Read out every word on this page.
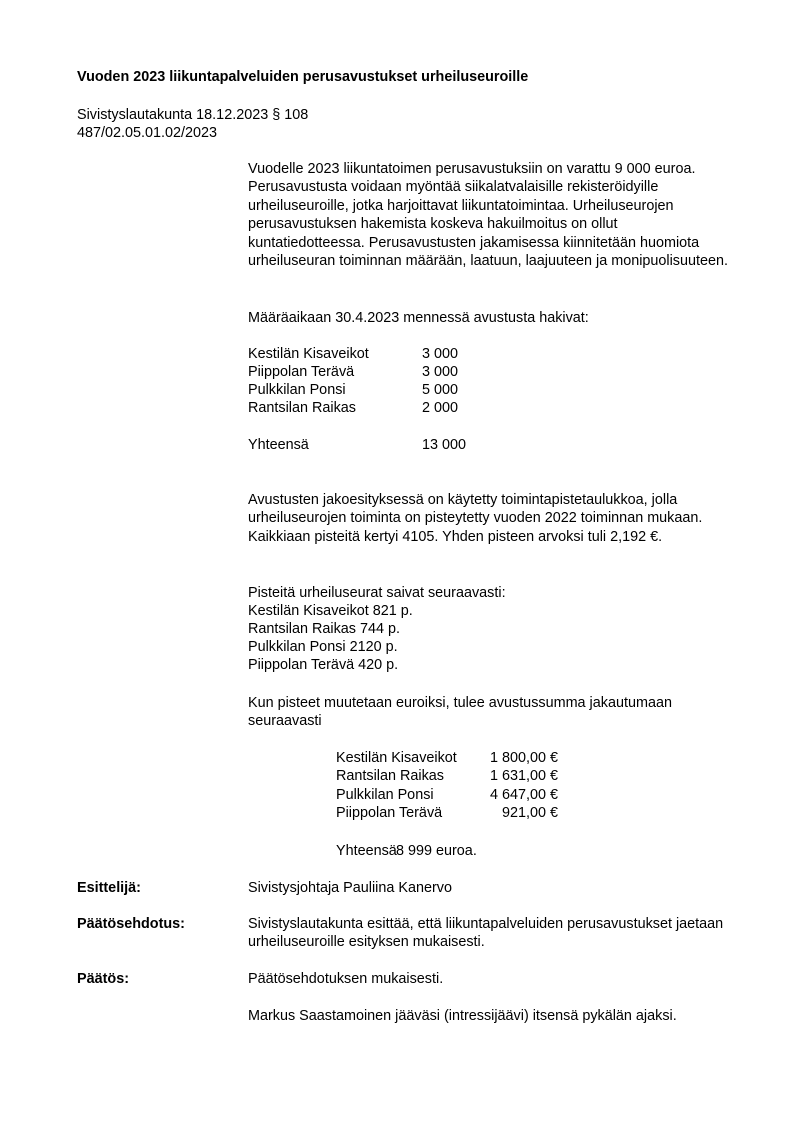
Vuoden 2023 liikuntapalveluiden perusavustukset urheiluseuroille
Sivistyslautakunta 18.12.2023 § 108
487/02.05.01.02/2023

Vuodelle 2023 liikuntatoimen perusavustuksiin on varattu 9 000 euroa. Perusavustusta voidaan myöntää siikalatvalaisille rekisteröidyille urheiluseuroille, jotka harjoittavat liikuntatoimintaa. Urheiluseurojen perusavustuksen hakemista koskeva hakuilmoitus on ollut kuntatiedotteessa. Perusavustusten jakamisessa kiinnitetään huomiota urheiluseuran toiminnan määrään, laatuun, laajuuteen ja monipuolisuuteen.

Määräaikaan 30.4.2023 mennessä avustusta hakivat:
Kestilän Kisaveikot	3 000
Piippolan Terävä	3 000
Pulkkilan Ponsi	5 000
Rantsilan Raikas	2 000
Yhteensä	13 000

Avustusten jakoesityksessä on käytetty toimintapistetaulukkoa, jolla urheiluseurojen toiminta on pisteytetty vuoden 2022 toiminnan mukaan. Kaikkiaan pisteitä kertyi 4105. Yhden pisteen arvoksi tuli 2,192 €.

Pisteitä urheiluseurat saivat seuraavasti:
Kestilän Kisaveikot 821 p.
Rantsilan Raikas 744 p.
Pulkkilan Ponsi 2120 p.
Piippolan Terävä 420 p.

Kun pisteet muutetaan euroiksi, tulee avustussumma jakautumaan seuraavasti

Kestilän Kisaveikot	1 800,00 €
Rantsilan Raikas	1 631,00 €
Pulkkilan Ponsi	4 647,00 €
Piippolan Terävä	921,00 €
Yhteensä 8 999 euroa.
Esittelijä:	Sivistysjohtaja Pauliina Kanervo
Päätösehdotus:	Sivistyslautakunta esittää, että liikuntapalveluiden perusavustukset jaetaan urheiluseuroille esityksen mukaisesti.

Päätös:	Päätösehdotuksen mukaisesti.
Markus Saastamoinen jääväsi (intressijäävi) itsensä pykälän ajaksi.
